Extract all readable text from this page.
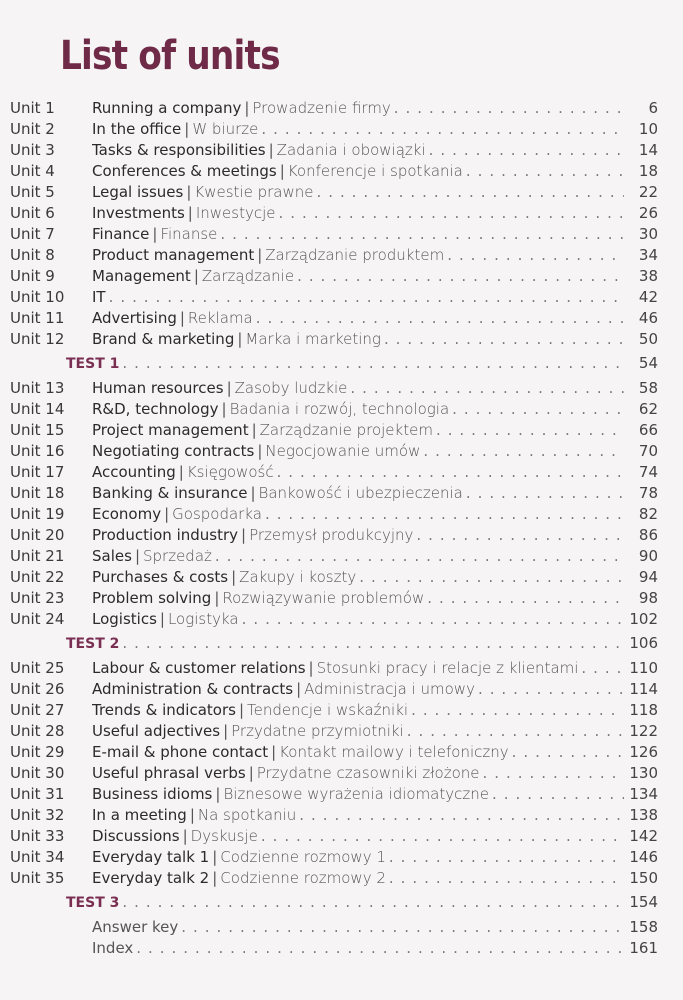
List of units
Unit 1 Running a company | Prowadzenie firmy . . .	6
Unit 2 In the office | W biurze . . .	10
Unit 3 Tasks & responsibilities | Zadania i obowiązki . . .	14
Unit 4 Conferences & meetings | Konferencje i spotkania . . .	18
Unit 5 Legal issues | Kwestie prawne . . .	22
Unit 6 Investments | Inwestycje . . .	26
Unit 7 Finance | Finanse . . .	30
Unit 8 Product management | Zarządzanie produktem . . .	34
Unit 9 Management | Zarządzanie . . .	38
Unit 10 IT . . .	42
Unit 11 Advertising | Reklama . . .	46
Unit 12 Brand & marketing | Marka i marketing . . .	50
TEST 1 . . .	54
Unit 13 Human resources | Zasoby ludzkie . . .	58
Unit 14 R&D, technology | Badania i rozwój, technologia . . .	62
Unit 15 Project management | Zarządzanie projektem . . .	66
Unit 16 Negotiating contracts | Negocjowanie umów . . .	70
Unit 17 Accounting | Księgowość . . .	74
Unit 18 Banking & insurance | Bankowość i ubezpieczenia . . .	78
Unit 19 Economy | Gospodarka . . .	82
Unit 20 Production industry | Przemysł produkcyjny . . .	86
Unit 21 Sales | Sprzedaż . . .	90
Unit 22 Purchases & costs | Zakupy i koszty . . .	94
Unit 23 Problem solving | Rozwiązywanie problemów . . .	98
Unit 24 Logistics | Logistyka . . .	102
TEST 2 . . .	106
Unit 25 Labour & customer relations | Stosunki pracy i relacje z klientami . . .	110
Unit 26 Administration & contracts | Administracja i umowy . . .	114
Unit 27 Trends & indicators | Tendencje i wskaźniki . . .	118
Unit 28 Useful adjectives | Przydatne przymiotniki . . .	122
Unit 29 E-mail & phone contact | Kontakt mailowy i telefoniczny . . .	126
Unit 30 Useful phrasal verbs | Przydatne czasowniki złożone . . .	130
Unit 31 Business idioms | Biznesowe wyrażenia idiomatyczne . . .	134
Unit 32 In a meeting | Na spotkaniu . . .	138
Unit 33 Discussions | Dyskusje . . .	142
Unit 34 Everyday talk 1 | Codzienne rozmowy 1 . . .	146
Unit 35 Everyday talk 2 | Codzienne rozmowy 2 . . .	150
TEST 3 . . .	154
Answer key . . .	158
Index . . .	161
